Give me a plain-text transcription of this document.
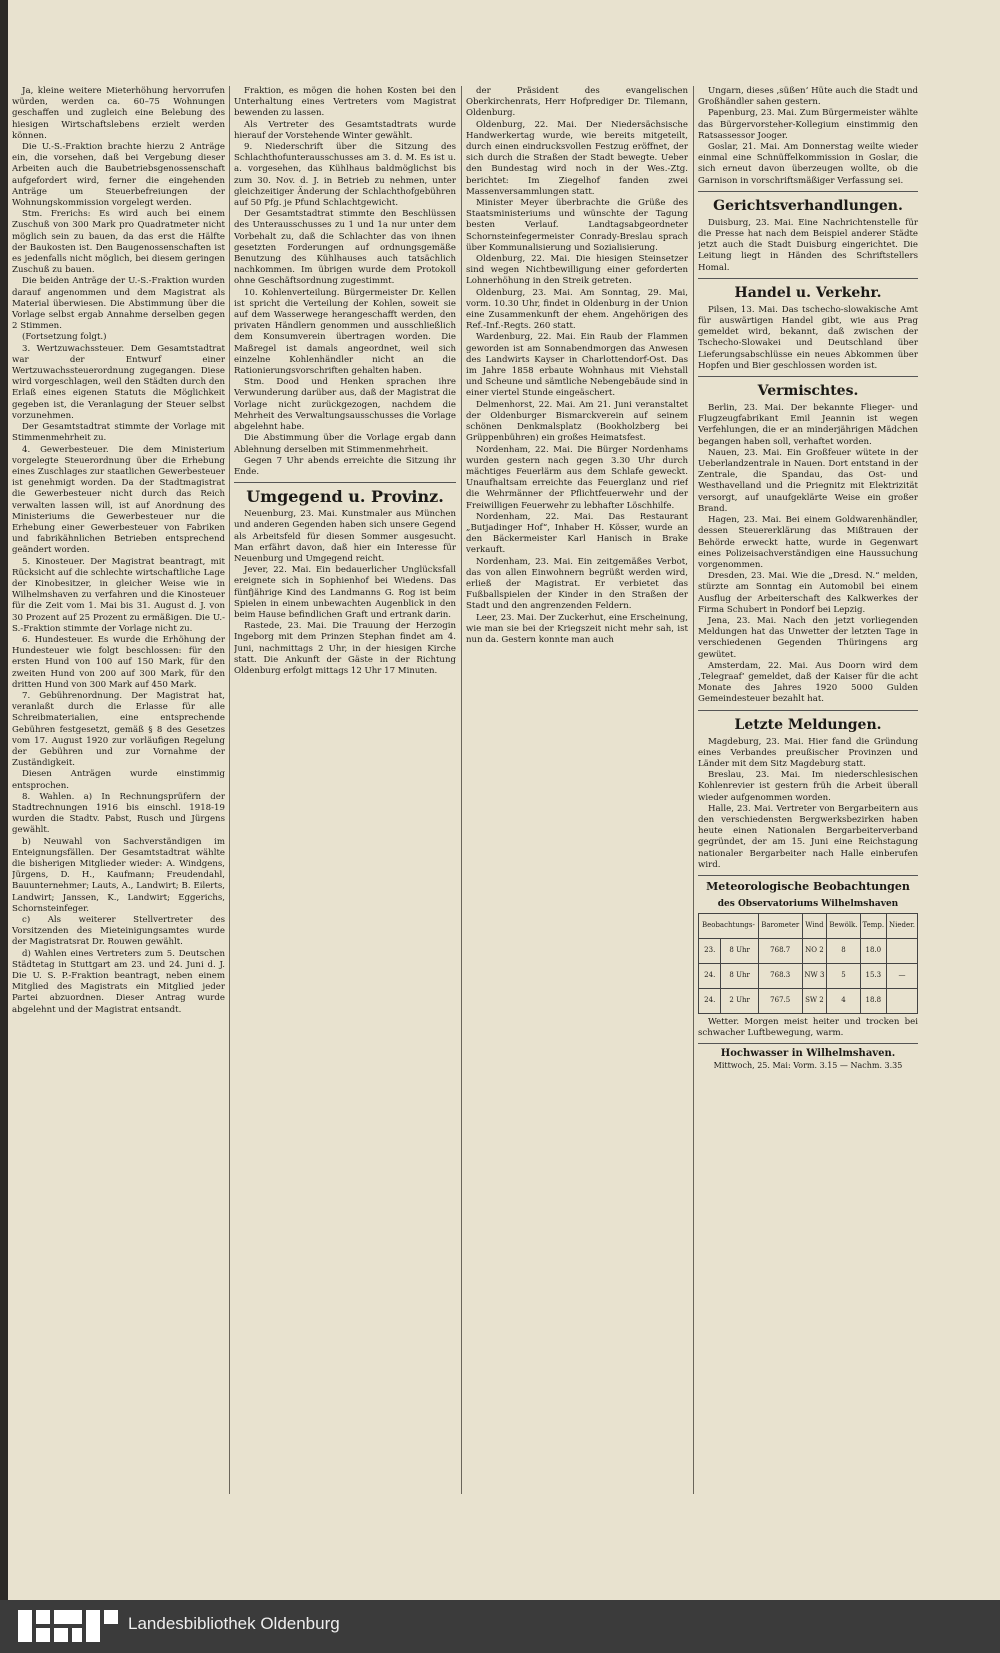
Ja, kleine weitere Mieterhöhung hervorrufen würden, werden ca. 60–75 Wohnungen geschaffen und zugleich eine Belebung des hiesigen Wirtschaftslebens erzielt werden können.

Die U.-S.-Fraktion brachte hierzu 2 Anträge ein, die vorsehen, daß bei Vergebung dieser Arbeiten auch die Baubetriebsgenossenschaft aufgefordert wird, ferner die eingehenden Anträge um Steuerbefreiungen der Wohnungskommission vorgelegt werden.

Stm. Frerichs: Es wird auch bei einem Zuschuß von 300 Mark pro Quadratmeter nicht möglich sein zu bauen, da das erst die Hälfte der Baukosten ist. Den Baugenossenschaften ist es jedenfalls nicht möglich, bei diesem geringen Zuschuß zu bauen.

Die beiden Anträge der U.-S.-Fraktion wurden darauf angenommen und dem Magistrat als Material überwiesen. Die Abstimmung über die Vorlage selbst ergab Annahme derselben gegen 2 Stimmen.

(Fortsetzung folgt.)

3. Wertzuwachssteuer. Dem Gesamtstadtrat war der Entwurf einer Wertzuwachssteuerordnung zugegangen. Diese wird vorgeschlagen, weil den Städten durch den Erlaß eines eigenen Statuts die Möglichkeit gegeben ist, die Veranlagung der Steuer selbst vorzunehmen.

Der Gesamtstadtrat stimmte der Vorlage mit Stimmenmehrheit zu.

4. Gewerbesteuer. Die dem Ministerium vorgelegte Steuerordnung über die Erhebung eines Zuschlages zur staatlichen Gewerbesteuer ist genehmigt worden. Da der Stadtmagistrat die Gewerbesteuer nicht durch das Reich verwalten lassen will, ist auf Anordnung des Ministeriums die Gewerbesteuer nur die Erhebung einer Gewerbesteuer von Fabriken und fabrikähnlichen Betrieben entsprechend geändert worden.

5. Kinosteuer. Der Magistrat beantragt, mit Rücksicht auf die schlechte wirtschaftliche Lage der Kinobesitzer, in gleicher Weise wie in Wilhelmshaven zu verfahren und die Kinosteuer für die Zeit vom 1. Mai bis 31. August d. J. von 30 Prozent auf 25 Prozent zu ermäßigen. Die U.-S.-Fraktion stimmte der Vorlage nicht zu.

6. Hundesteuer. Es wurde die Erhöhung der Hundesteuer wie folgt beschlossen: für den ersten Hund von 100 auf 150 Mark, für den zweiten Hund von 200 auf 300 Mark, für den dritten Hund von 300 Mark auf 450 Mark.

7. Gebührenordnung. Der Magistrat hat, veranlaßt durch die Erlasse für alle Schreibmaterialien, eine entsprechende Gebühren festgesetzt, gemäß § 8 des Gesetzes vom 17. August 1920 zur vorläufigen Regelung der Gebühren und zur Vornahme der Zuständigkeit.

Diesen Anträgen wurde einstimmig entsprochen.

8. Wahlen. a) In Rechnungsprüfern der Stadtrechnungen 1916 bis einschl. 1918-19 wurden die Stadtv. Pabst, Rusch und Jürgens gewählt.

b) Neuwahl von Sachverständigen im Enteignungsfällen. Der Gesamtstadtrat wählte die bisherigen Mitglieder wieder: A. Windgens, Jürgens, D. H., Kaufmann; Freudendahl, Bauunternehmer; Lauts, A., Landwirt; B. Eilerts, Landwirt; Janssen, K., Landwirt; Eggerichs, Schornsteinfeger.

c) Als weiterer Stellvertreter des Vorsitzenden des Mieteinigungsamtes wurde der Magistratsrat Dr. Rouwen gewählt.

d) Wahlen eines Vertreters zum 5. Deutschen Städtetag in Stuttgart am 23. und 24. Juni d. J. Die U. S. P.-Fraktion beantragt, neben einem Mitglied des Magistrats ein Mitglied jeder Partei abzuordnen. Dieser Antrag wurde abgelehnt und der Magistrat entsandt.

Fraktion, es mögen die hohen Kosten bei den Unterhaltung eines Vertreters vom Magistrat bewenden zu lassen.

Als Vertreter des Gesamtstadtrats wurde hierauf der Vorstehende Winter gewählt.

9. Niederschrift über die Sitzung des Schlachthofunterausschusses am 3. d. M. Es ist u. a. vorgesehen, das Kühlhaus baldmöglichst bis zum 30. Nov. d. J. in Betrieb zu nehmen, unter gleichzeitiger Änderung der Schlachthofgebühren auf 50 Pfg. je Pfund Schlachtgewicht.

Der Gesamtstadtrat stimmte den Beschlüssen des Unterausschusses zu 1 und 1a nur unter dem Vorbehalt zu, daß die Schlachter das von ihnen gesetzten Forderungen auf ordnungsgemäße Benutzung des Kühlhauses auch tatsächlich nachkommen. Im übrigen wurde dem Protokoll ohne Geschäftsordnung zugestimmt.

10. Kohlenverteilung. Bürgermeister Dr. Kellen ist spricht die Verteilung der Kohlen, soweit sie auf dem Wasserwege herangeschafft werden, den privaten Händlern genommen und ausschließlich dem Konsumverein übertragen worden. Die Maßregel ist damals angeordnet, weil sich einzelne Kohlenhändler nicht an die Rationierungsvorschriften gehalten haben.

Stm. Dood und Henken sprachen ihre Verwunderung darüber aus, daß der Magistrat die Vorlage nicht zurückgezogen, nachdem die Mehrheit des Verwaltungsausschusses die Vorlage abgelehnt habe.

Die Abstimmung über die Vorlage ergab dann Ablehnung derselben mit Stimmenmehrheit.

Gegen 7 Uhr abends erreichte die Sitzung ihr Ende.

Umgegend u. Provinz.

Neuenburg, 23. Mai. Kunstmaler aus München und anderen Gegenden haben sich unsere Gegend als Arbeitsfeld für diesen Sommer ausgesucht. Man erfährt davon, daß hier ein Interesse für Neuenburg und Umgegend reicht.

Jever, 22. Mai. Ein bedauerlicher Unglücksfall ereignete sich in Sophienhof bei Wiedens. Das fünfjährige Kind des Landmanns G. Rog ist beim Spielen in einem unbewachten Augenblick in den beim Hause befindlichen Graft und ertrank darin.

Rastede, 23. Mai. Die Trauung der Herzogin Ingeborg mit dem Prinzen Stephan findet am 4. Juni, nachmittags 2 Uhr, in der hiesigen Kirche statt. Die Ankunft der Gäste in der Richtung Oldenburg erfolgt mittags 12 Uhr 17 Minuten.

der Präsident des evangelischen Oberkirchenrats, Herr Hofprediger Dr. Tilemann, Oldenburg.

Oldenburg, 22. Mai. Der Niedersächsische Handwerkertag wurde, wie bereits mitgeteilt, durch einen eindrucksvollen Festzug eröffnet, der sich durch die Straßen der Stadt bewegte. Ueber den Bundestag wird noch in der Wes.-Ztg. berichtet: Im Ziegelhof fanden zwei Massenversammlungen statt.

Minister Meyer überbrachte die Grüße des Staatsministeriums und wünschte der Tagung besten Verlauf. Landtagsabgeordneter Schornsteinfegermeister Conrady-Breslau sprach über Kommunalisierung und Sozialisierung.

Oldenburg, 22. Mai. Die hiesigen Steinsetzer sind wegen Nichtbewilligung einer geforderten Lohnerhöhung in den Streik getreten.

Oldenburg, 23. Mai. Am Sonntag, 29. Mai, vorm. 10.30 Uhr, findet in Oldenburg in der Union eine Zusammenkunft der ehem. Angehörigen des Ref.-Inf.-Regts. 260 statt.

Wardenburg, 22. Mai. Ein Raub der Flammen geworden ist am Sonnabendmorgen das Anwesen des Landwirts Kayser in Charlottendorf-Ost. Das im Jahre 1858 erbaute Wohnhaus mit Viehstall und Scheune und sämtliche Nebengebäude sind in einer viertel Stunde eingeäschert.

Delmenhorst, 22. Mai. Am 21. Juni veranstaltet der Oldenburger Bismarckverein auf seinem schönen Denkmalsplatz (Bookholzberg bei Grüppenbühren) ein großes Heimatsfest.

Nordenham, 22. Mai. Die Bürger Nordenhams wurden gestern nach gegen 3.30 Uhr durch mächtiges Feuerlärm aus dem Schlafe geweckt. Unaufhaltsam erreichte das Feuerglanz und rief die Wehrmänner der Pflichtfeuerwehr und der Freiwilligen Feuerwehr zu lebhafter Löschhilfe.

Nordenham, 22. Mai. Das Restaurant „Butjadinger Hof“, Inhaber H. Kösser, wurde an den Bäckermeister Karl Hanisch in Brake verkauft.

Nordenham, 23. Mai. Ein zeitgemäßes Verbot, das von allen Einwohnern begrüßt werden wird, erließ der Magistrat. Er verbietet das Fußballspielen der Kinder in den Straßen der Stadt und den angrenzenden Feldern.

Leer, 23. Mai. Der Zuckerhut, eine Erscheinung, wie man sie bei der Kriegszeit nicht mehr sah, ist nun da. Gestern konnte man auch

Ungarn, dieses ‚süßen‘ Hüte auch die Stadt und Großhändler sahen gestern.

Papenburg, 23. Mai. Zum Bürgermeister wählte das Bürgervorsteher-Kollegium einstimmig den Ratsassessor Jooger.

Goslar, 21. Mai. Am Donnerstag weilte wieder einmal eine Schnüffelkommission in Goslar, die sich erneut davon überzeugen wollte, ob die Garnison in vorschriftsmäßiger Verfassung sei.

Gerichtsverhandlungen.

Duisburg, 23. Mai. Eine Nachrichtenstelle für die Presse hat nach dem Beispiel anderer Städte jetzt auch die Stadt Duisburg eingerichtet. Die Leitung liegt in Händen des Schriftstellers Homal.

Handel u. Verkehr.

Pilsen, 13. Mai. Das tschecho-slowakische Amt für auswärtigen Handel gibt, wie aus Prag gemeldet wird, bekannt, daß zwischen der Tschecho-Slowakei und Deutschland über Lieferungsabschlüsse ein neues Abkommen über Hopfen und Bier geschlossen worden ist.

Vermischtes.

Berlin, 23. Mai. Der bekannte Flieger- und Flugzeugfabrikant Emil Jeannin ist wegen Verfehlungen, die er an minderjährigen Mädchen begangen haben soll, verhaftet worden.

Nauen, 23. Mai. Ein Großfeuer wütete in der Ueberlandzentrale in Nauen. Dort entstand in der Zentrale, die Spandau, das Ost- und Westhavelland und die Priegnitz mit Elektrizität versorgt, auf unaufgeklärte Weise ein großer Brand.

Hagen, 23. Mai. Bei einem Goldwarenhändler, dessen Steuererklärung das Mißtrauen der Behörde erweckt hatte, wurde in Gegenwart eines Polizeisachverständigen eine Haussuchung vorgenommen.

Dresden, 23. Mai. Wie die „Dresd. N.“ melden, stürzte am Sonntag ein Automobil bei einem Ausflug der Arbeiterschaft des Kalkwerkes der Firma Schubert in Pondorf bei Lepzig.

Jena, 23. Mai. Nach den jetzt vorliegenden Meldungen hat das Unwetter der letzten Tage in verschiedenen Gegenden Thüringens arg gewütet.

Amsterdam, 22. Mai. Aus Doorn wird dem ‚Telegraaf‘ gemeldet, daß der Kaiser für die acht Monate des Jahres 1920 5000 Gulden Gemeindesteuer bezahlt hat.

Letzte Meldungen.

Magdeburg, 23. Mai. Hier fand die Gründung eines Verbandes preußischer Provinzen und Länder mit dem Sitz Magdeburg statt.

Breslau, 23. Mai. Im niederschlesischen Kohlenrevier ist gestern früh die Arbeit überall wieder aufgenommen worden.

Halle, 23. Mai. Vertreter von Bergarbeitern aus den verschiedensten Bergwerksbezirken haben heute einen Nationalen Bergarbeiterverband gegründet, der am 15. Juni eine Reichstagung nationaler Bergarbeiter nach Halle einberufen wird.

Meteorologische Beobachtungen
des Observatoriums Wilhelmshaven
Beobachtungs-		Barometer	Wind	Bewölk.	Temp.	Nieder.
23.	8 Uhr	768.7	NO 2	8	18.0	
24.	8 Uhr	768.3	NW 3	5	15.3	—
24.	2 Uhr	767.5	SW 2	4	18.8	

Wetter. Morgen meist heiter und trocken bei schwacher Luftbewegung, warm.

Hochwasser in Wilhelmshaven.
Mittwoch, 25. Mai: Vorm. 3.15 — Nachm. 3.35
Landesbibliothek Oldenburg
